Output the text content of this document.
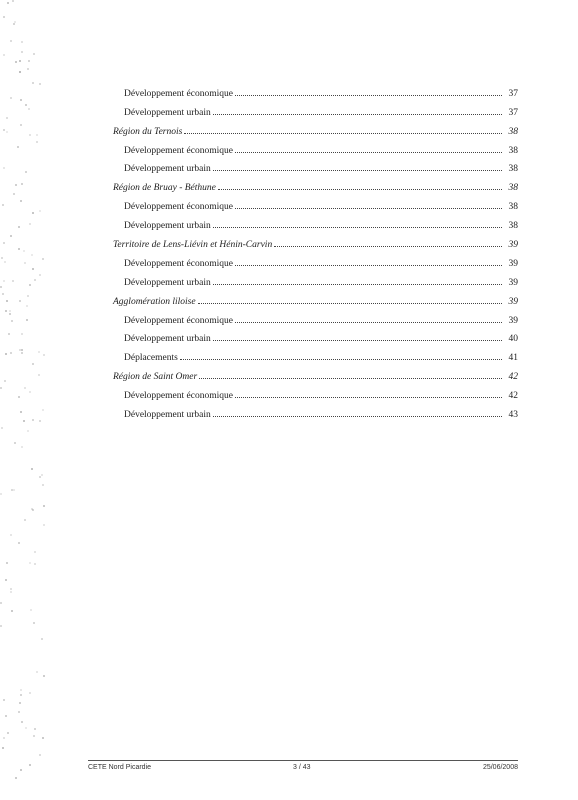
Développement économique	37
Développement urbain	37
Région du Ternois	38
Développement économique	38
Développement urbain	38
Région de Bruay - Béthune	38
Développement économique	38
Développement urbain	38
Territoire de Lens-Liévin et Hénin-Carvin	39
Développement économique	39
Développement urbain	39
Agglomération liloise	39
Développement économique	39
Développement urbain	40
Déplacements	41
Région de Saint Omer	42
Développement économique	42
Développement urbain	43
CETE Nord Picardie	3 / 43	25/06/2008
